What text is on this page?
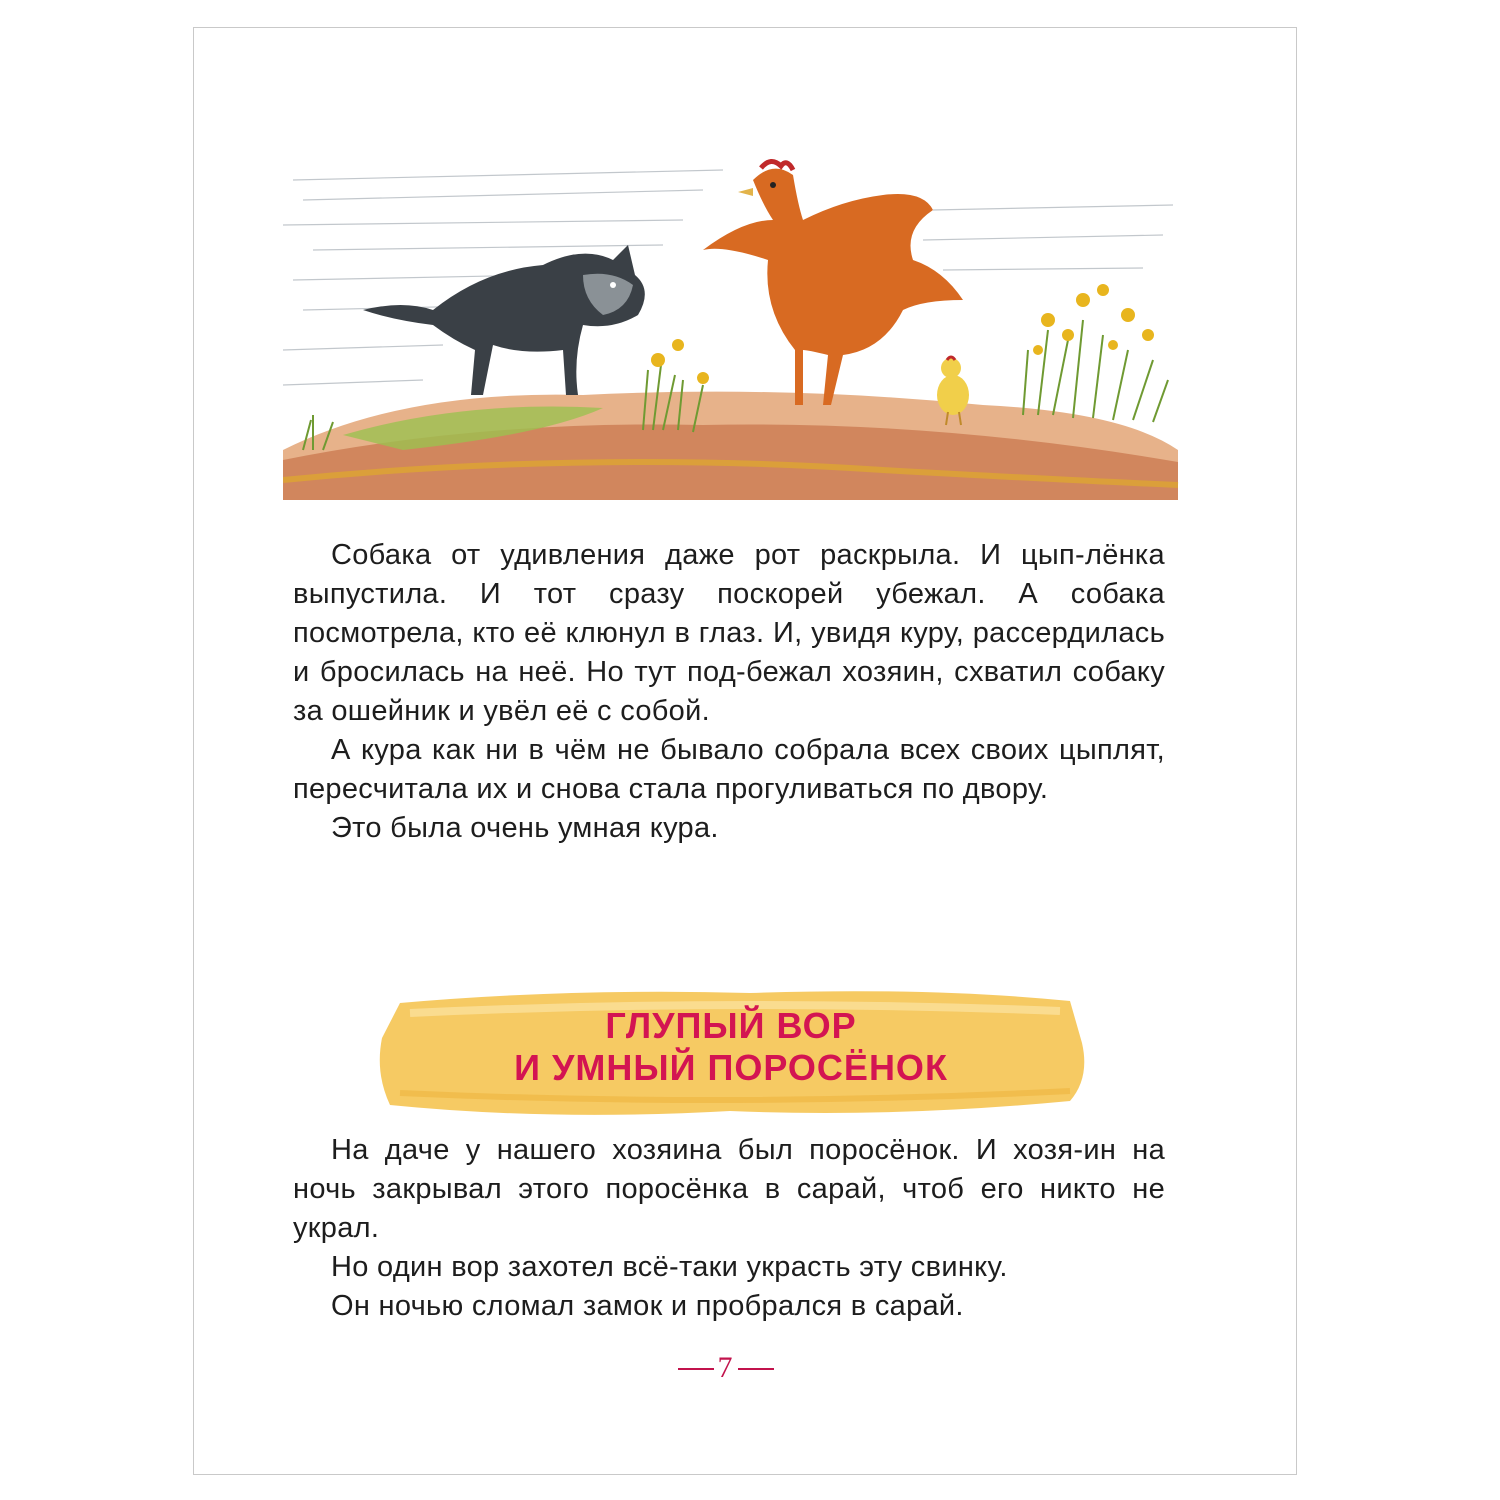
Собака от удивления даже рот раскрыла. И цып-лёнка выпустила. И тот сразу поскорей убежал. А собака посмотрела, кто её клюнул в глаз. И, увидя куру, рассердилась и бросилась на неё. Но тут под-бежал хозяин, схватил собаку за ошейник и увёл её с собой.

А кура как ни в чём не бывало собрала всех своих цыплят, пересчитала их и снова стала прогуливаться по двору.

Это была очень умная кура.

ГЛУПЫЙ ВОР
И УМНЫЙ ПОРОСЁНОК

На даче у нашего хозяина был поросёнок. И хозя-ин на ночь закрывал этого поросёнка в сарай, чтоб его никто не украл.

Но один вор захотел всё-таки украсть эту свинку.

Он ночью сломал замок и пробрался в сарай.

7
